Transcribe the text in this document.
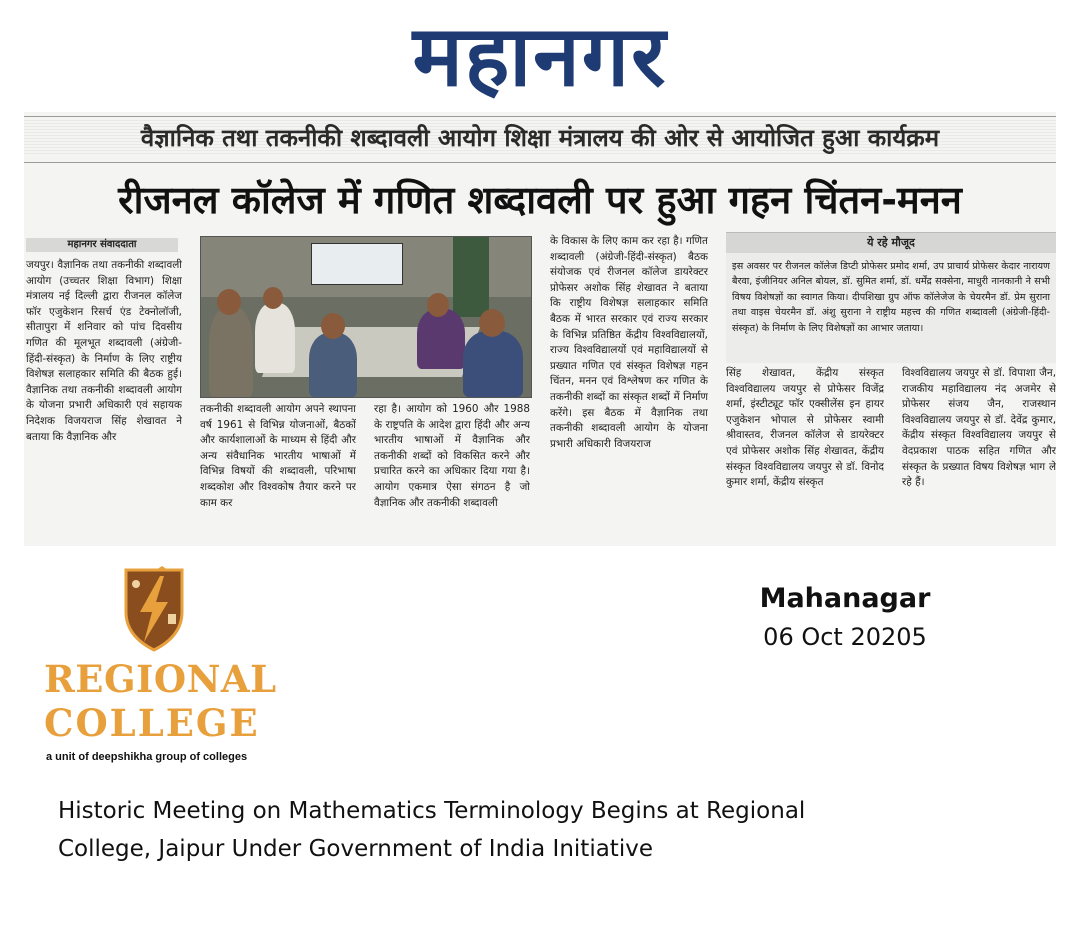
महानगर
वैज्ञानिक तथा तकनीकी शब्दावली आयोग शिक्षा मंत्रालय की ओर से आयोजित हुआ कार्यक्रम
रीजनल कॉलेज में गणित शब्दावली पर हुआ गहन चिंतन-मनन
महानगर संवाददाता

जयपुर। वैज्ञानिक तथा तकनीकी शब्दावली आयोग (उच्चतर शिक्षा विभाग) शिक्षा मंत्रालय नई दिल्ली द्वारा रीजनल कॉलेज फॉर एजुकेशन रिसर्च एंड टेक्नोलॉजी, सीतापुरा में शनिवार को पांच दिवसीय गणित की मूलभूत शब्दावली (अंग्रेजी-हिंदी-संस्कृत) के निर्माण के लिए राष्ट्रीय विशेषज्ञ सलाहकार समिति की बैठक हुई। वैज्ञानिक तथा तकनीकी शब्दावली आयोग के योजना प्रभारी अधिकारी एवं सहायक निदेशक विजयराज सिंह शेखावत ने बताया कि वैज्ञानिक और

तकनीकी शब्दावली आयोग अपने स्थापना वर्ष 1961 से विभिन्न योजनाओं, बैठकों और कार्यशालाओं के माध्यम से हिंदी और अन्य संवैधानिक भारतीय भाषाओं में विभिन्न विषयों की शब्दावली, परिभाषा शब्दकोश और विश्वकोष तैयार करने पर काम कर

रहा है। आयोग को 1960 और 1988 के राष्ट्रपति के आदेश द्वारा हिंदी और अन्य भारतीय भाषाओं में वैज्ञानिक और तकनीकी शब्दों को विकसित करने और प्रचारित करने का अधिकार दिया गया है। आयोग एकमात्र ऐसा संगठन है जो वैज्ञानिक और तकनीकी शब्दावली

के विकास के लिए काम कर रहा है। गणित शब्दावली (अंग्रेजी-हिंदी-संस्कृत) बैठक संयोजक एवं रीजनल कॉलेज डायरेक्टर प्रोफेसर अशोक सिंह शेखावत ने बताया कि राष्ट्रीय विशेषज्ञ सलाहकार समिति बैठक में भारत सरकार एवं राज्य सरकार के विभिन्न प्रतिष्ठित केंद्रीय विश्वविद्यालयों, राज्य विश्वविद्यालयों एवं महाविद्यालयों से प्रख्यात गणित एवं संस्कृत विशेषज्ञ गहन चिंतन, मनन एवं विश्लेषण कर गणित के तकनीकी शब्दों का संस्कृत शब्दों में निर्माण करेंगे। इस बैठक में वैज्ञानिक तथा तकनीकी शब्दावली आयोग के योजना प्रभारी अधिकारी विजयराज

ये रहे मौजूद
इस अवसर पर रीजनल कॉलेज डिप्टी प्रोफेसर प्रमोद शर्मा, उप प्राचार्य प्रोफेसर केदार नारायण बैरवा, इंजीनियर अनिल बोयल, डॉ. सुमित शर्मा, डॉ. धर्मेंद्र सक्सेना, माधुरी नानकानी ने सभी विषय विशेषज्ञों का स्वागत किया। दीपशिखा ग्रुप ऑफ कॉलेजेज के चेयरमैन डॉ. प्रेम सुराना तथा वाइस चेयरमैन डॉ. अंशु सुराना ने राष्ट्रीय महत्त्व की गणित शब्दावली (अंग्रेजी-हिंदी-संस्कृत) के निर्माण के लिए विशेषज्ञों का आभार जताया।

सिंह शेखावत, केंद्रीय संस्कृत विश्वविद्यालय जयपुर से प्रोफेसर विजेंद्र शर्मा, इंस्टीट्यूट फॉर एक्सीलेंस इन हायर एजुकेशन भोपाल से प्रोफेसर स्वामी श्रीवास्तव, रीजनल कॉलेज से डायरेक्टर एवं प्रोफेसर अशोक सिंह शेखावत, केंद्रीय संस्कृत विश्वविद्यालय जयपुर से डॉ. विनोद कुमार शर्मा, केंद्रीय संस्कृत

विश्वविद्यालय जयपुर से डॉ. विपाशा जैन, राजकीय महाविद्यालय नंद अजमेर से प्रोफेसर संजय जैन, राजस्थान विश्वविद्यालय जयपुर से डॉ. देवेंद्र कुमार, केंद्रीय संस्कृत विश्वविद्यालय जयपुर से वेदप्रकाश पाठक सहित गणित और संस्कृत के प्रख्यात विषय विशेषज्ञ भाग ले रहे हैं।

REGIONAL
COLLEGE
a unit of deepshikha group of colleges
Mahanagar
06 Oct 20205
Historic Meeting on Mathematics Terminology Begins at Regional College, Jaipur Under Government of India Initiative
